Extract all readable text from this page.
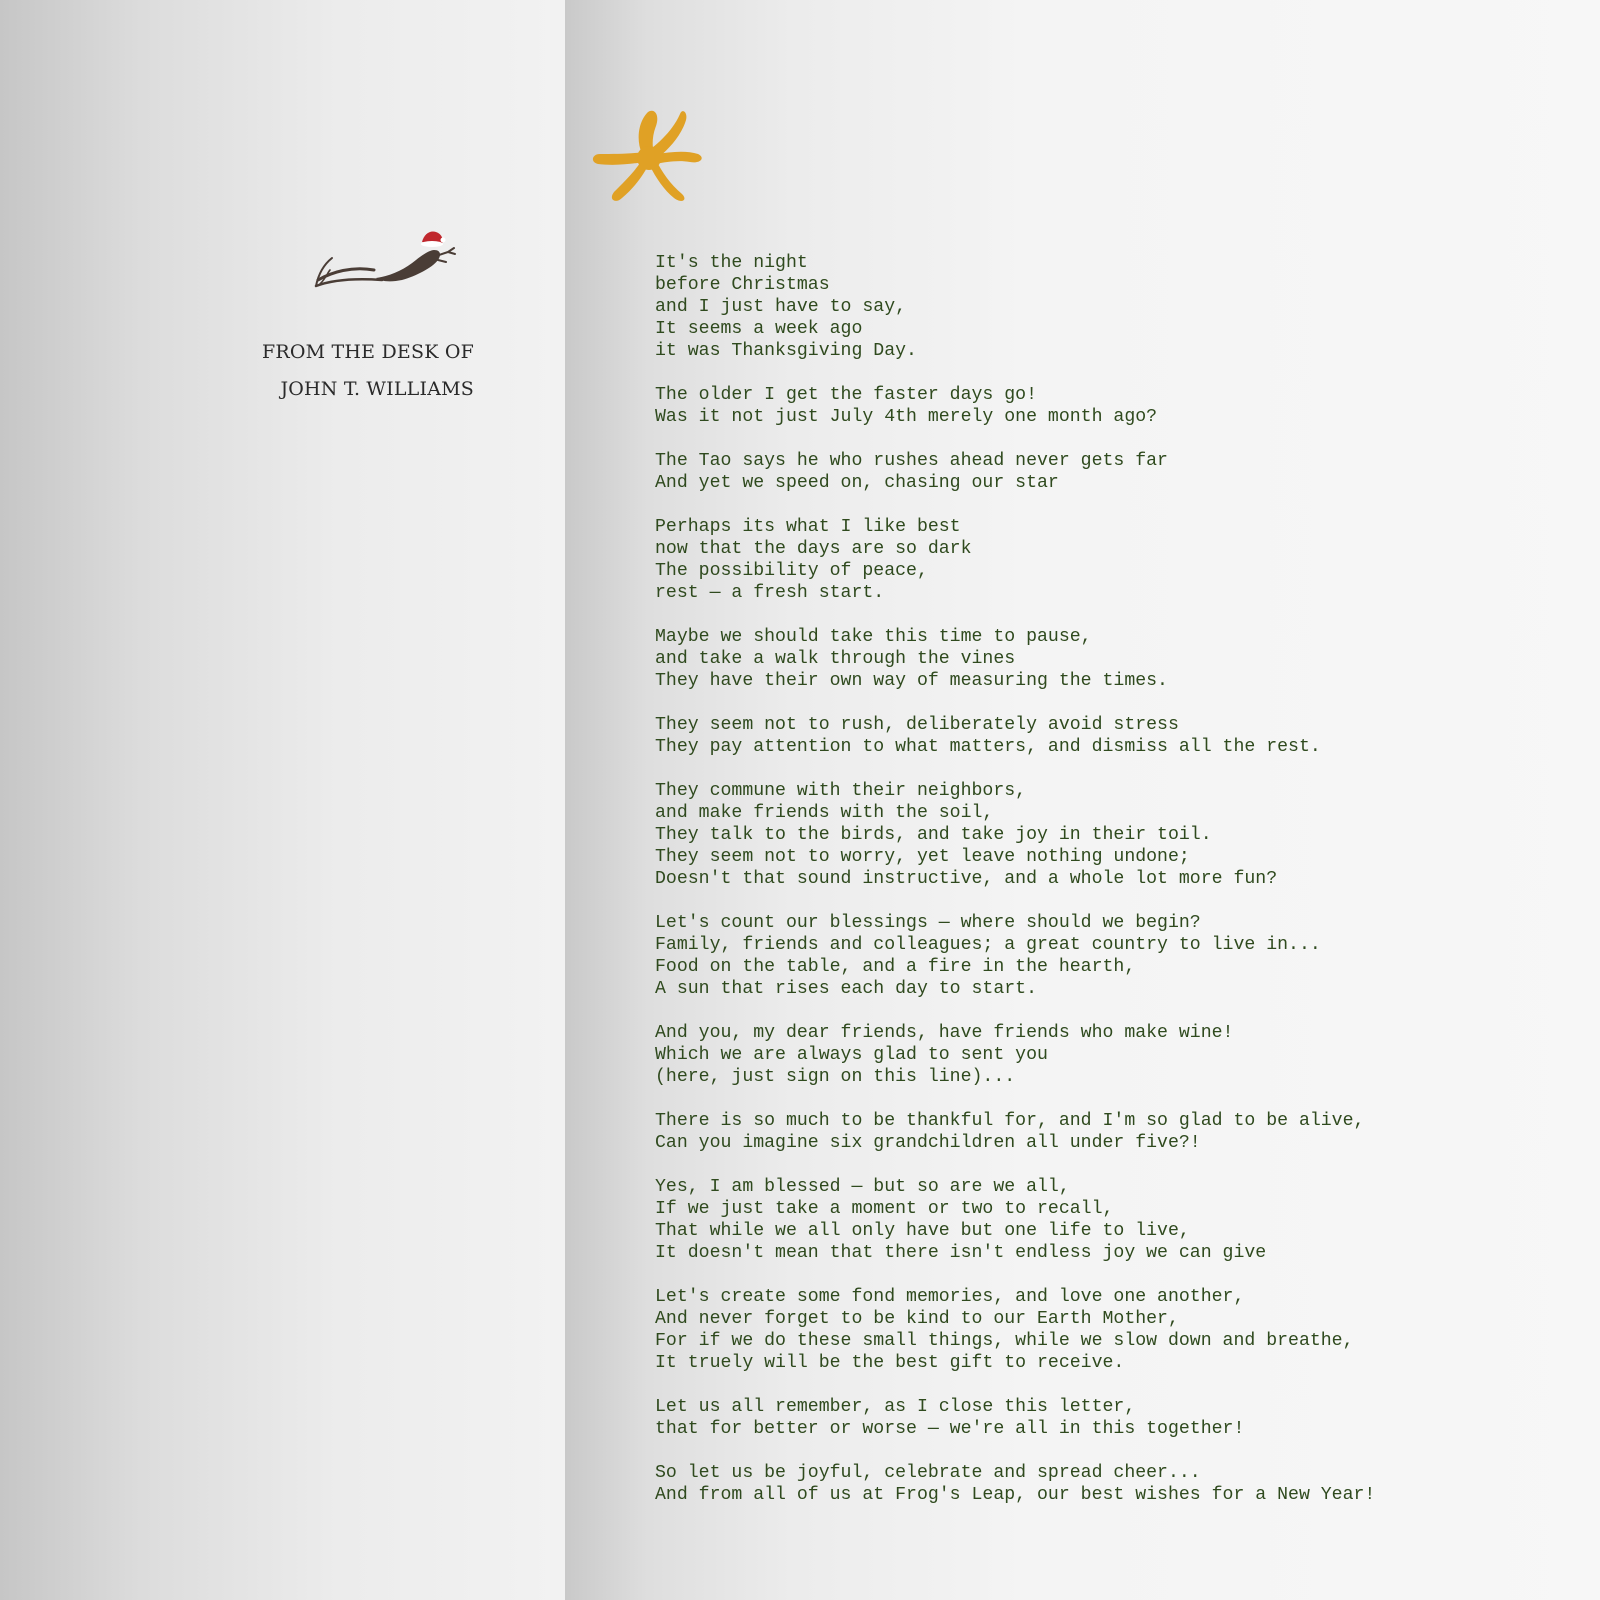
FROM THE DESK OF
JOHN T. WILLIAMS
It's the night
before Christmas
and I just have to say,
It seems a week ago
it was Thanksgiving Day.
The older I get the faster days go!
Was it not just July 4th merely one month ago?
The Tao says he who rushes ahead never gets far
And yet we speed on, chasing our star
Perhaps its what I like best
now that the days are so dark
The possibility of peace,
rest — a fresh start.
Maybe we should take this time to pause,
and take a walk through the vines
They have their own way of measuring the times.
They seem not to rush, deliberately avoid stress
They pay attention to what matters, and dismiss all the rest.
They commune with their neighbors,
and make friends with the soil,
They talk to the birds, and take joy in their toil.
They seem not to worry, yet leave nothing undone;
Doesn't that sound instructive, and a whole lot more fun?
Let's count our blessings — where should we begin?
Family, friends and colleagues; a great country to live in...
Food on the table, and a fire in the hearth,
A sun that rises each day to start.
And you, my dear friends, have friends who make wine!
Which we are always glad to sent you
(here, just sign on this line)...
There is so much to be thankful for, and I'm so glad to be alive,
Can you imagine six grandchildren all under five?!
Yes, I am blessed — but so are we all,
If we just take a moment or two to recall,
That while we all only have but one life to live,
It doesn't mean that there isn't endless joy we can give
Let's create some fond memories, and love one another,
And never forget to be kind to our Earth Mother,
For if we do these small things, while we slow down and breathe,
It truely will be the best gift to receive.
Let us all remember, as I close this letter,
that for better or worse — we're all in this together!
So let us be joyful, celebrate and spread cheer...
And from all of us at Frog's Leap, our best wishes for a New Year!
